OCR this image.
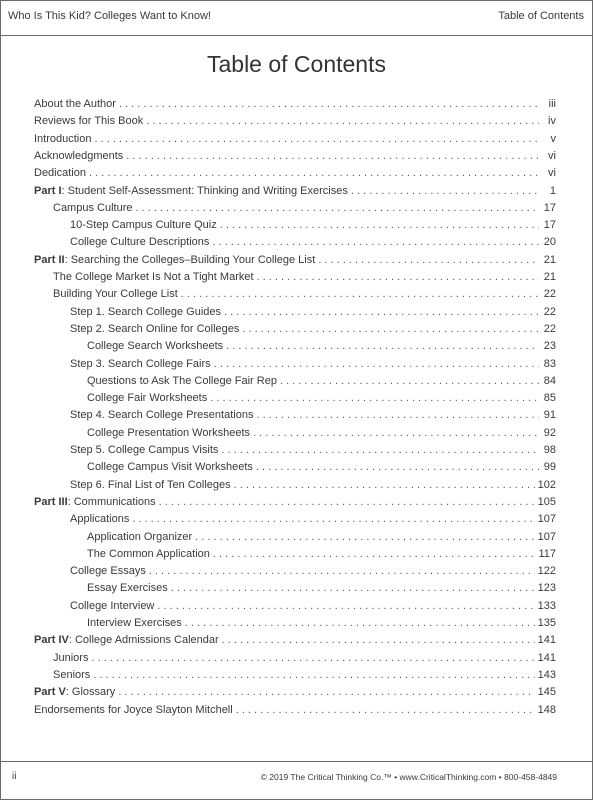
Who Is This Kid? Colleges Want to Know!	Table of Contents
Table of Contents
About the Author . . .	iii
Reviews for This Book . . .	iv
Introduction . . .	v
Acknowledgments . . .	vi
Dedication . . .	vi
Part I: Student Self-Assessment: Thinking and Writing Exercises . . .	1
Campus Culture . . .	17
10-Step Campus Culture Quiz . . .	17
College Culture Descriptions . . .	20
Part II: Searching the Colleges–Building Your College List . . .	21
The College Market Is Not a Tight Market . . .	21
Building Your College List . . .	22
Step 1. Search College Guides . . .	22
Step 2. Search Online for Colleges . . .	22
College Search Worksheets . . .	23
Step 3. Search College Fairs . . .	83
Questions to Ask The College Fair Rep . . .	84
College Fair Worksheets . . .	85
Step 4. Search College Presentations . . .	91
College Presentation Worksheets . . .	92
Step 5. College Campus Visits . . .	98
College Campus Visit Worksheets . . .	99
Step 6. Final List of Ten Colleges . . .	102
Part III: Communications . . .	105
Applications . . .	107
Application Organizer . . .	107
The Common Application . . .	117
College Essays . . .	122
Essay Exercises . . .	123
College Interview . . .	133
Interview Exercises . . .	135
Part IV: College Admissions Calendar . . .	141
Juniors . . .	141
Seniors . . .	143
Part V: Glossary . . .	145
Endorsements for Joyce Slayton Mitchell . . .	148
ii	© 2019 The Critical Thinking Co.™ • www.CriticalThinking.com • 800-458-4849
